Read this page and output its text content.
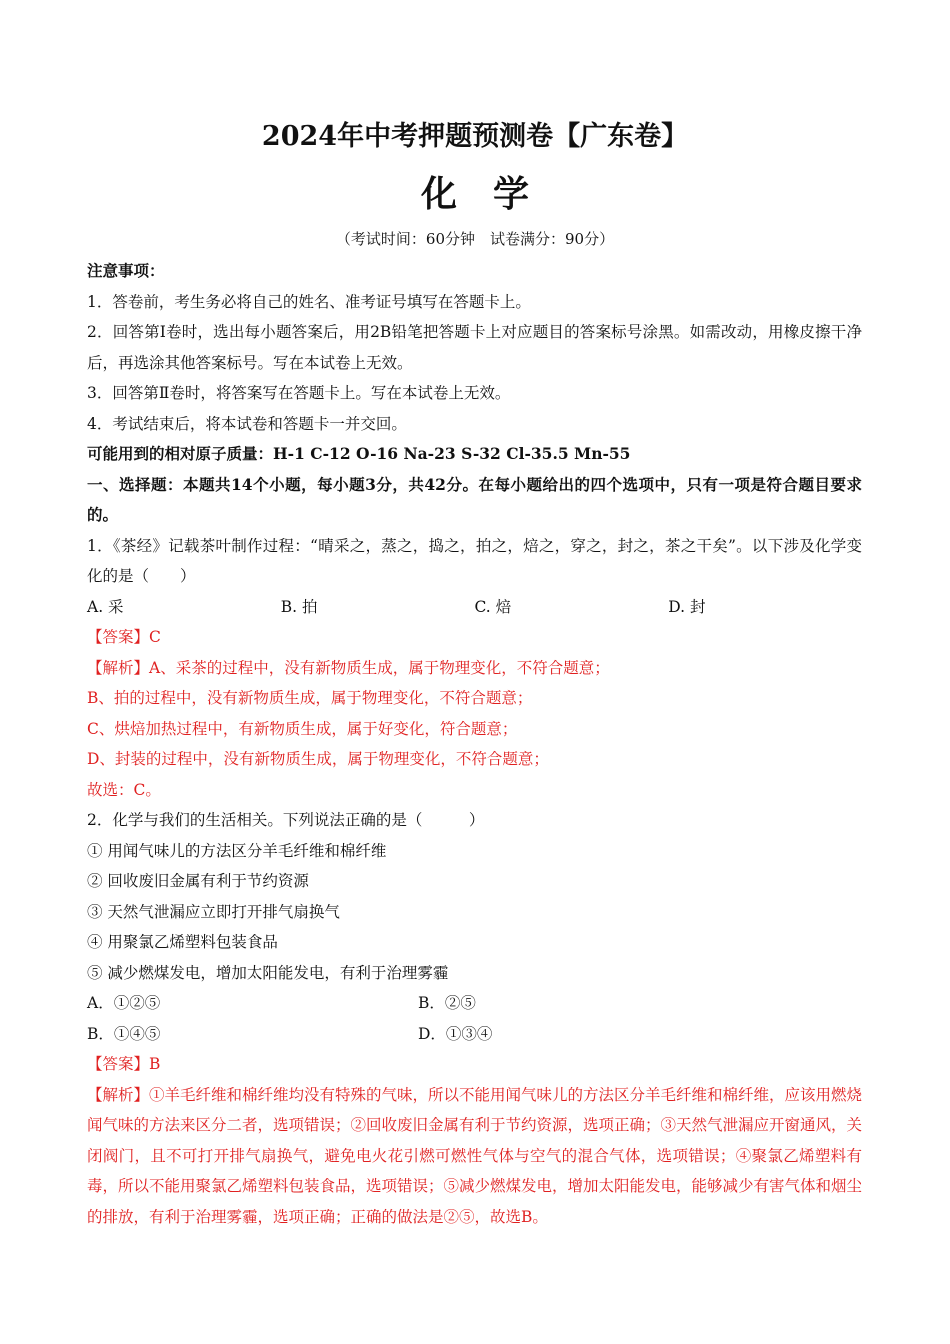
2024年中考押题预测卷【广东卷】
化学
（考试时间：60分钟　试卷满分：90分）

注意事项：

1．答卷前，考生务必将自己的姓名、准考证号填写在答题卡上。

2．回答第Ⅰ卷时，选出每小题答案后，用2B铅笔把答题卡上对应题目的答案标号涂黑。如需改动，用橡皮擦干净后，再选涂其他答案标号。写在本试卷上无效。

3．回答第Ⅱ卷时，将答案写在答题卡上。写在本试卷上无效。

4．考试结束后，将本试卷和答题卡一并交回。

可能用到的相对原子质量：H-1 C-12 O-16 Na-23 S-32 Cl-35.5 Mn-55

一、选择题：本题共14个小题，每小题3分，共42分。在每小题给出的四个选项中，只有一项是符合题目要求的。

1．《茶经》记载茶叶制作过程：“晴采之，蒸之，捣之，拍之，焙之，穿之，封之，茶之干矣”。以下涉及化学变化的是（　　）

A. 采	B. 拍	C. 焙	D. 封

【答案】C

【解析】A、采茶的过程中，没有新物质生成，属于物理变化，不符合题意；

B、拍的过程中，没有新物质生成，属于物理变化，不符合题意；

C、烘焙加热过程中，有新物质生成，属于好变化，符合题意；

D、封装的过程中，没有新物质生成，属于物理变化，不符合题意；

故选：C。

2．化学与我们的生活相关。下列说法正确的是（　　　）

① 用闻气味儿的方法区分羊毛纤维和棉纤维

② 回收废旧金属有利于节约资源

③ 天然气泄漏应立即打开排气扇换气

④ 用聚氯乙烯塑料包装食品

⑤ 减少燃煤发电，增加太阳能发电，有利于治理雾霾

A．①②⑤	B．②⑤
B．①④⑤	D．①③④

【答案】B

【解析】①羊毛纤维和棉纤维均没有特殊的气味，所以不能用闻气味儿的方法区分羊毛纤维和棉纤维，应该用燃烧闻气味的方法来区分二者，选项错误；②回收废旧金属有利于节约资源，选项正确；③天然气泄漏应开窗通风，关闭阀门，且不可打开排气扇换气，避免电火花引燃可燃性气体与空气的混合气体，选项错误；④聚氯乙烯塑料有毒，所以不能用聚氯乙烯塑料包装食品，选项错误；⑤减少燃煤发电，增加太阳能发电，能够减少有害气体和烟尘的排放，有利于治理雾霾，选项正确；正确的做法是②⑤，故选B。
